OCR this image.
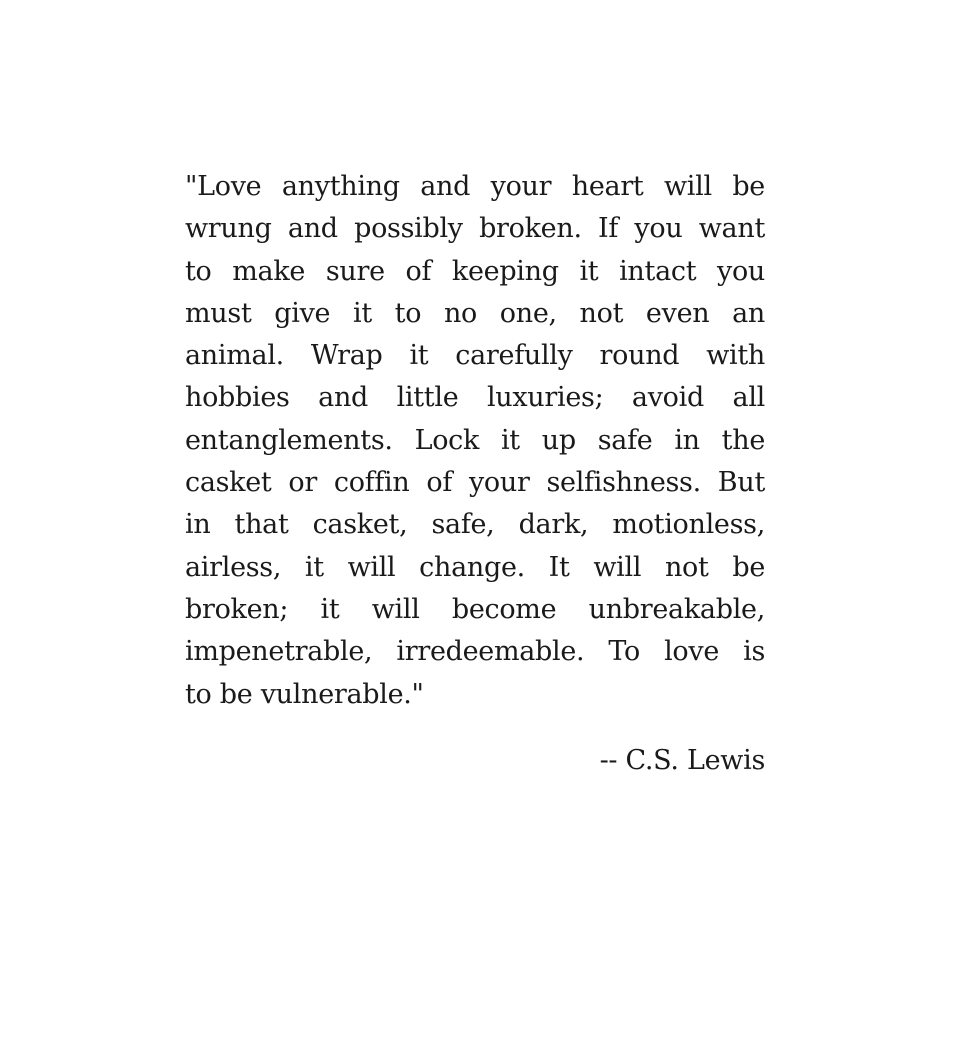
"Love anything and your heart will be
wrung and possibly broken. If you want
to make sure of keeping it intact you
must give it to no one, not even an
animal. Wrap it carefully round with
hobbies and little luxuries; avoid all
entanglements. Lock it up safe in the
casket or coffin of your selfishness. But
in that casket, safe, dark, motionless,
airless, it will change. It will not be
broken; it will become unbreakable,
impenetrable, irredeemable. To love is
to be vulnerable."
-- C.S. Lewis
